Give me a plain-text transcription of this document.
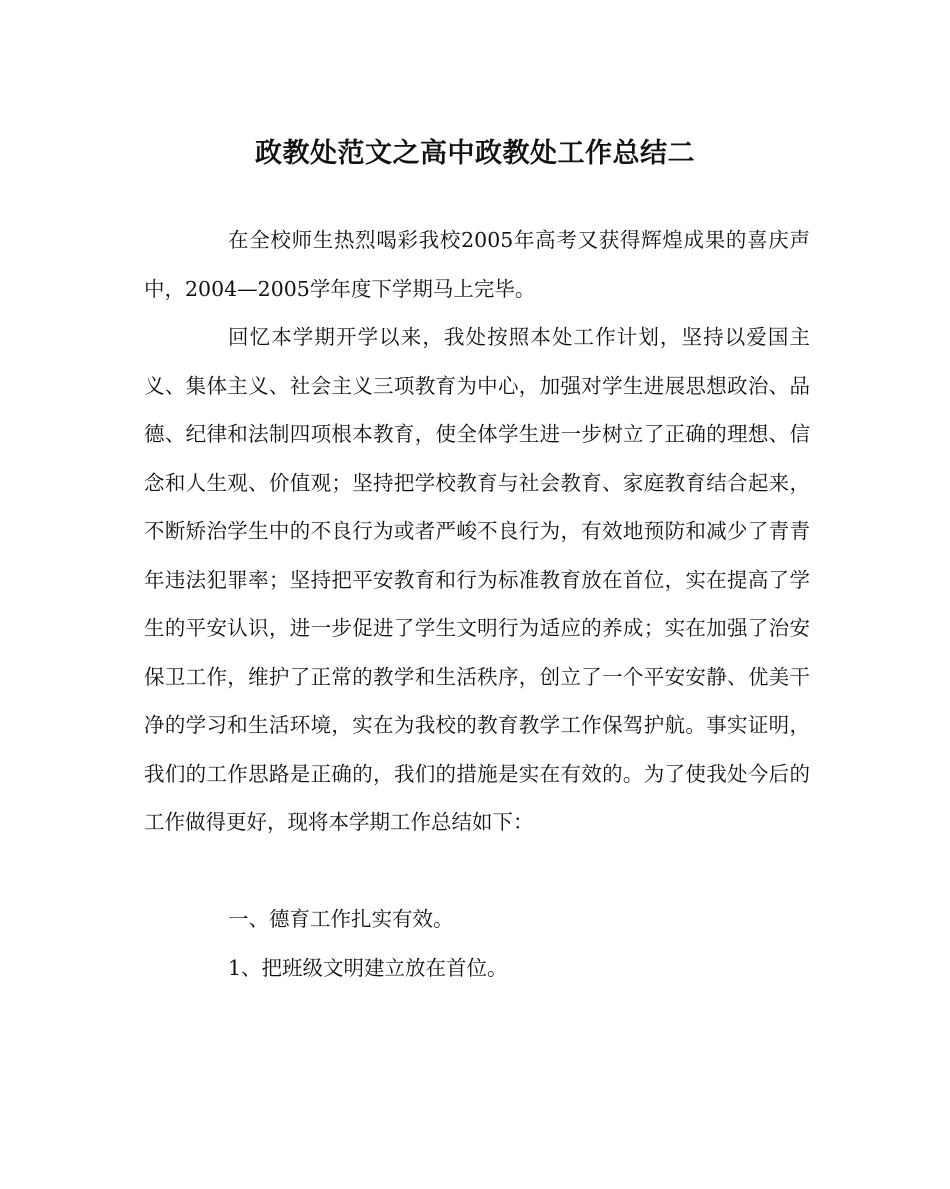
政教处范文之高中政教处工作总结二

在全校师生热烈喝彩我校2005年高考又获得辉煌成果的喜庆声中，2004—2005学年度下学期马上完毕。

回忆本学期开学以来，我处按照本处工作计划，坚持以爱国主义、集体主义、社会主义三项教育为中心，加强对学生进展思想政治、品德、纪律和法制四项根本教育，使全体学生进一步树立了正确的理想、信念和人生观、价值观；坚持把学校教育与社会教育、家庭教育结合起来，不断矫治学生中的不良行为或者严峻不良行为，有效地预防和减少了青青年违法犯罪率；坚持把平安教育和行为标准教育放在首位，实在提高了学生的平安认识，进一步促进了学生文明行为适应的养成；实在加强了治安保卫工作，维护了正常的教学和生活秩序，创立了一个平安安静、优美干净的学习和生活环境，实在为我校的教育教学工作保驾护航。事实证明，我们的工作思路是正确的，我们的措施是实在有效的。为了使我处今后的工作做得更好，现将本学期工作总结如下：

一、德育工作扎实有效。

1、把班级文明建立放在首位。
